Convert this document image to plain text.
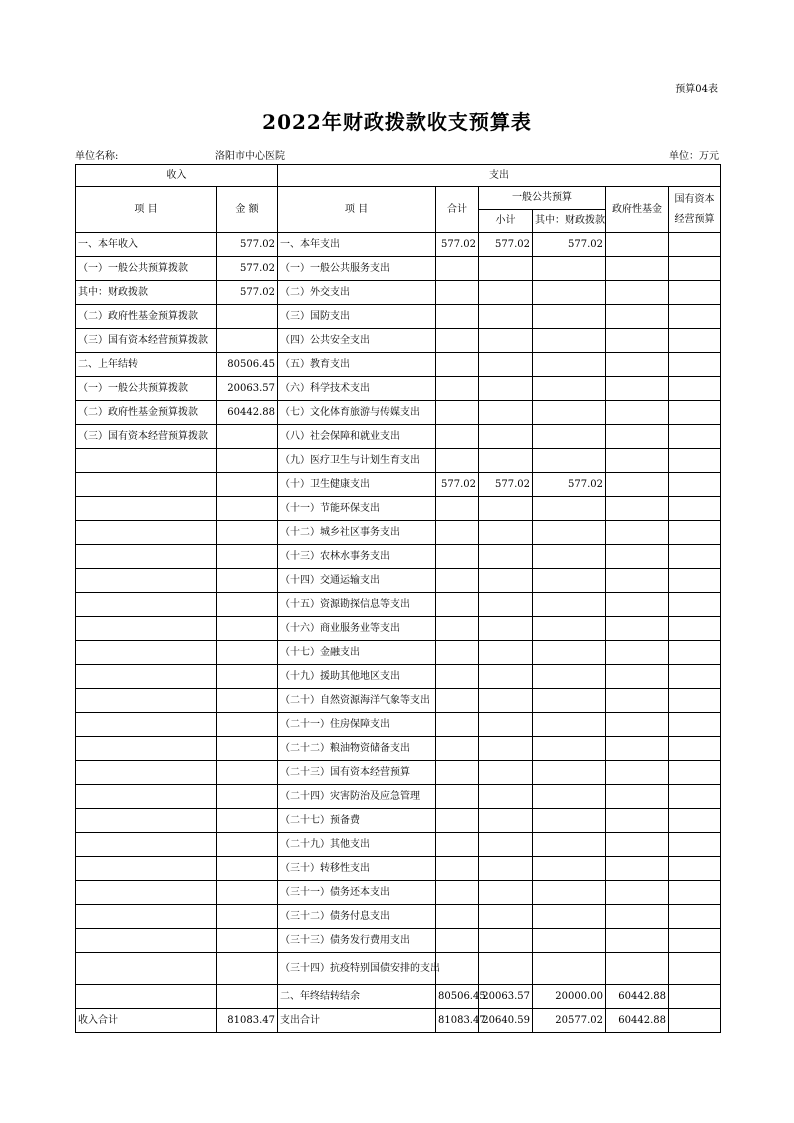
预算04表
2022年财政拨款收支预算表
单位名称:	洛阳市中心医院	单位：万元
收入		支出					
项 目	金 额	项 目	合计	一般公共预算		政府性基金	国有资本经营预算
				小计	其中：财政拨款		
一、本年收入	577.02	一、本年支出	577.02	577.02	577.02		
（一）一般公共预算拨款	577.02	（一）一般公共服务支出					
其中：财政拨款	577.02	（二）外交支出					
（二）政府性基金预算拨款		（三）国防支出					
（三）国有资本经营预算拨款		（四）公共安全支出					
二、上年结转	80506.45	（五）教育支出					
（一）一般公共预算拨款	20063.57	（六）科学技术支出					
（二）政府性基金预算拨款	60442.88	（七）文化体育旅游与传媒支出					
（三）国有资本经营预算拨款		（八）社会保障和就业支出					
		（九）医疗卫生与计划生育支出					
		（十）卫生健康支出	577.02	577.02	577.02		
		（十一）节能环保支出					
		（十二）城乡社区事务支出					
		（十三）农林水事务支出					
		（十四）交通运输支出					
		（十五）资源勘探信息等支出					
		（十六）商业服务业等支出					
		（十七）金融支出					
		（十九）援助其他地区支出					
		（二十）自然资源海洋气象等支出					
		（二十一）住房保障支出					
		（二十二）粮油物资储备支出					
		（二十三）国有资本经营预算					
		（二十四）灾害防治及应急管理					
		（二十七）预备费					
		（二十九）其他支出					
		（三十）转移性支出					
		（三十一）债务还本支出					
		（三十二）债务付息支出					
		（三十三）债务发行费用支出					
		（三十四）抗疫特别国债安排的支出					
		二、年终结转结余	80506.45	20063.57	20000.00	60442.88	
收入合计	81083.47	支出合计	81083.47	20640.59	20577.02	60442.88	
